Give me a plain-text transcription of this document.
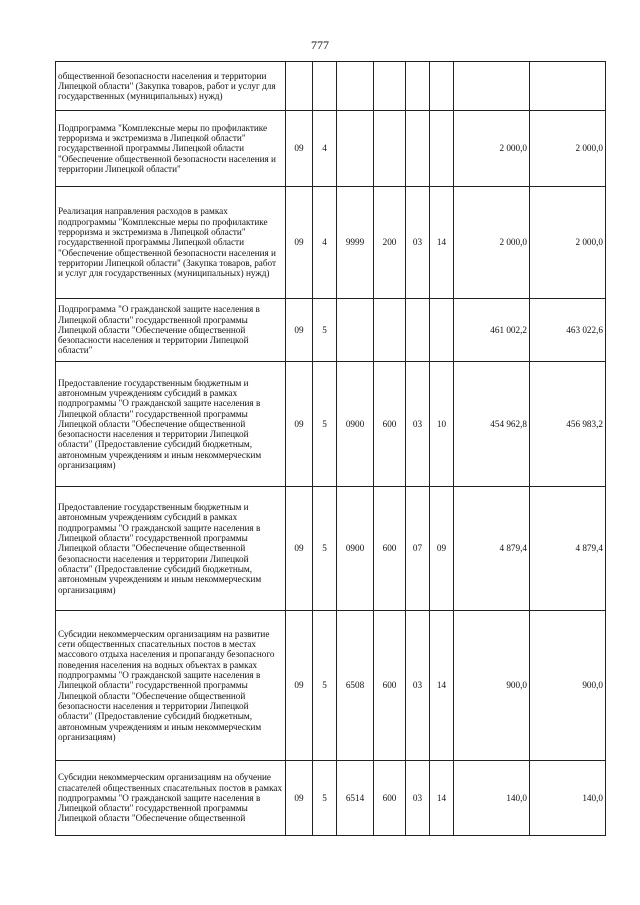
777
общественной безопасности населения и территории Липецкой области" (Закупка товаров, работ и услуг для государственных (муниципальных) нужд)								
Подпрограмма "Комплексные меры по профилактике терроризма и экстремизма в Липецкой области" государственной программы Липецкой области "Обеспечение общественной безопасности населения и территории Липецкой области"	09	4					2 000,0	2 000,0
Реализация направления расходов в рамках подпрограммы "Комплексные меры по профилактике терроризма и экстремизма в Липецкой области" государственной программы Липецкой области "Обеспечение общественной безопасности населения и территории Липецкой области" (Закупка товаров, работ и услуг для государственных (муниципальных) нужд)	09	4	9999	200	03	14	2 000,0	2 000,0
Подпрограмма "О гражданской защите населения в Липецкой области" государственной программы Липецкой области "Обеспечение общественной безопасности населения и территории Липецкой области"	09	5					461 002,2	463 022,6
Предоставление государственным бюджетным и автономным учреждениям субсидий в рамках подпрограммы "О гражданской защите населения в Липецкой области" государственной программы Липецкой области "Обеспечение общественной безопасности населения и территории Липецкой области" (Предоставление субсидий бюджетным, автономным учреждениям и иным некоммерческим организациям)	09	5	0900	600	03	10	454 962,8	456 983,2
Предоставление государственным бюджетным и автономным учреждениям субсидий в рамках подпрограммы "О гражданской защите населения в Липецкой области" государственной программы Липецкой области "Обеспечение общественной безопасности населения и территории Липецкой области" (Предоставление субсидий бюджетным, автономным учреждениям и иным некоммерческим организациям)	09	5	0900	600	07	09	4 879,4	4 879,4
Субсидии некоммерческим организациям на развитие сети общественных спасательных постов в местах массового отдыха населения и пропаганду безопасного поведения населения на водных объектах в рамках подпрограммы "О гражданской защите населения в Липецкой области" государственной программы Липецкой области "Обеспечение общественной безопасности населения и территории Липецкой области" (Предоставление субсидий бюджетным, автономным учреждениям и иным некоммерческим организациям)	09	5	6508	600	03	14	900,0	900,0
Субсидии некоммерческим организациям на обучение спасателей общественных спасательных постов в рамках подпрограммы "О гражданской защите населения в Липецкой области" государственной программы Липецкой области "Обеспечение общественной	09	5	6514	600	03	14	140,0	140,0
